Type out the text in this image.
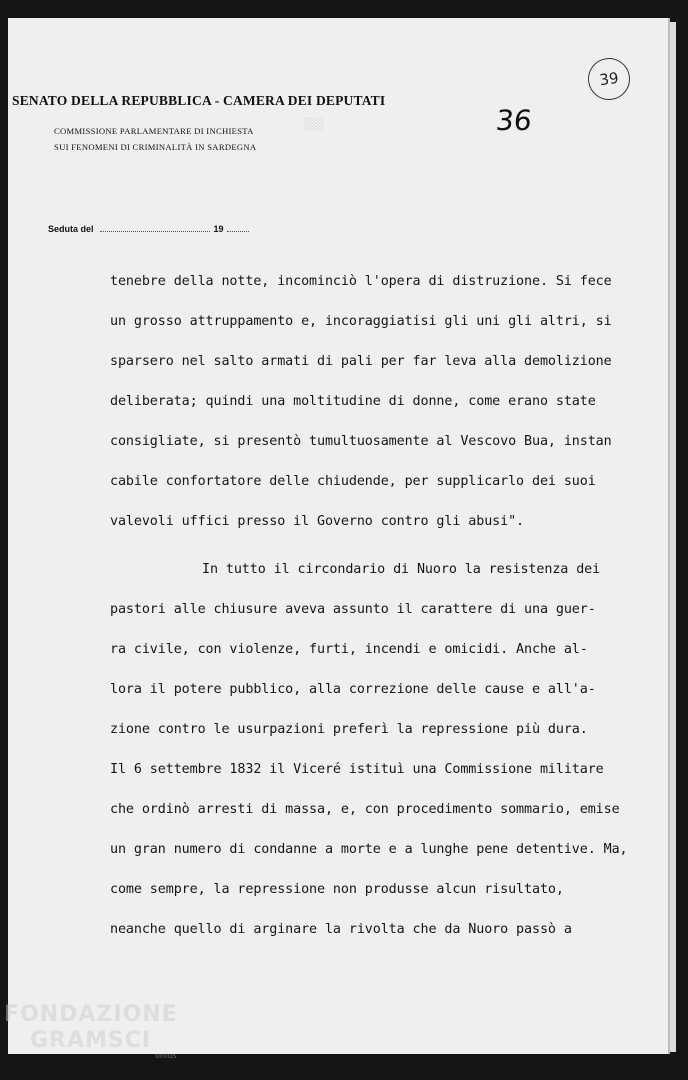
SENATO DELLA REPUBBLICA - CAMERA DEI DEPUTATI
COMMISSIONE PARLAMENTARE DI INCHIESTA
SUI FENOMENI DI CRIMINALITÀ IN SARDEGNA
36
39
Seduta del	19
░░░
tenebre della notte, incominciò l'opera di distruzione. Si fece
un grosso attruppamento e, incoraggiatisi gli uni gli altri, si
sparsero nel salto armati di pali per far leva alla demolizione
deliberata; quindi una moltitudine di donne, come erano state
consigliate, si presentò tumultuosamente al Vescovo Bua, instan
cabile confortatore delle chiudende, per supplicarlo dei suoi
valevoli uffici presso il Governo contro gli abusi".
In tutto il circondario di Nuoro la resistenza dei
pastori alle chiusure aveva assunto il carattere di una guer-
ra civile, con violenze, furti, incendi e omicidi. Anche al-
lora il potere pubblico, alla correzione delle cause e all'a-
zione contro le usurpazioni preferì la repressione più dura.
Il 6 settembre 1832 il Viceré istituì una Commissione militare
che ordinò arresti di massa, e, con procedimento sommario, emise
un gran numero di condanne a morte e a lunghe pene detentive. Ma,
come sempre, la repressione non produsse alcun risultato,
neanche quello di arginare la rivolta che da Nuoro passò a
FONDAZIONE
GRAMSCI
onlus
